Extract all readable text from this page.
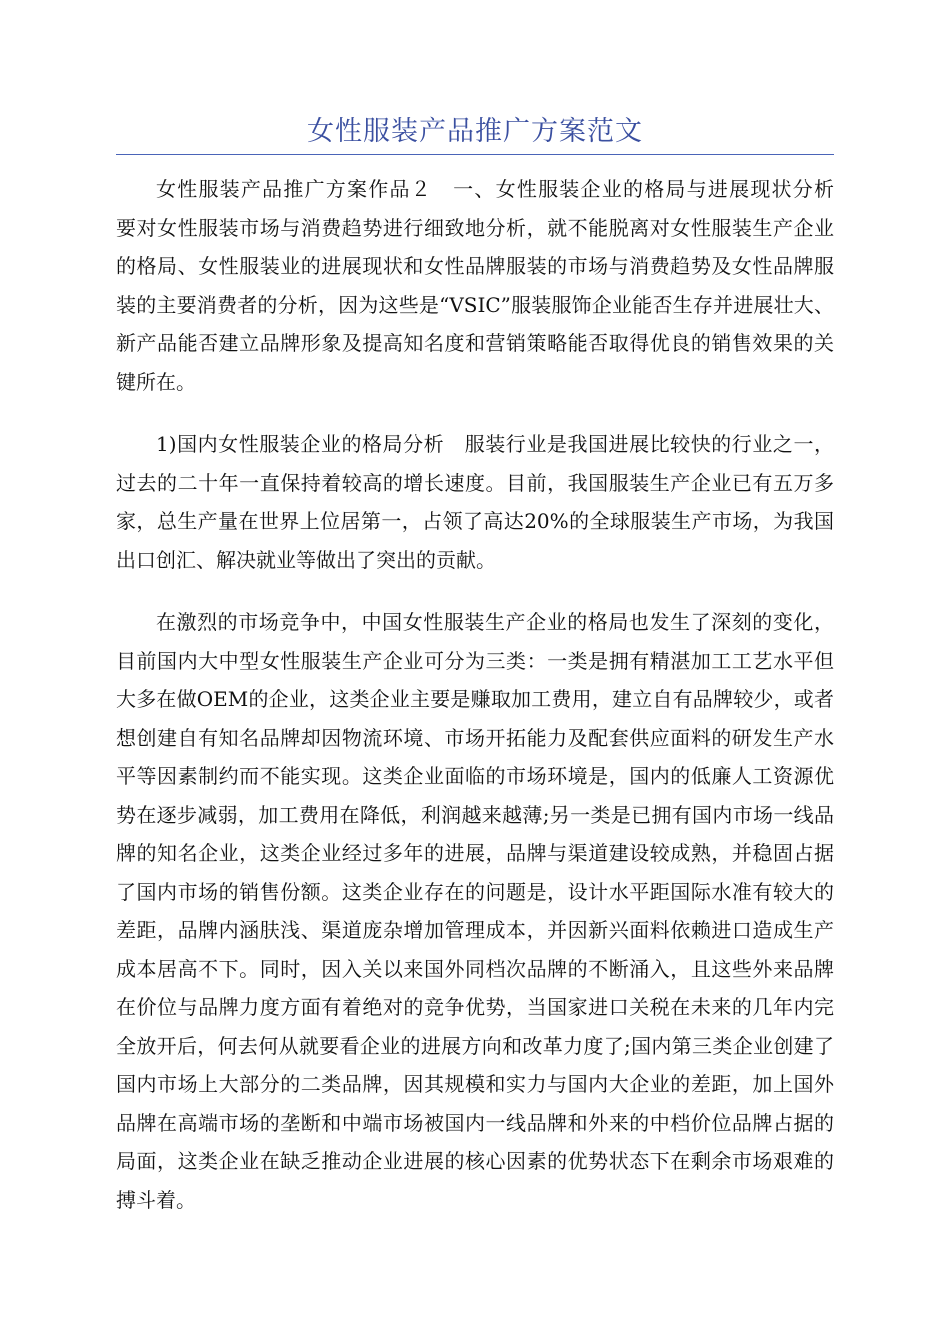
女性服装产品推广方案范文

女性服装产品推广方案作品２　一、女性服装企业的格局与进展现状分析　要对女性服装市场与消费趋势进行细致地分析，就不能脱离对女性服装生产企业的格局、女性服装业的进展现状和女性品牌服装的市场与消费趋势及女性品牌服装的主要消费者的分析，因为这些是“VSIC”服装服饰企业能否生存并进展壮大、新产品能否建立品牌形象及提高知名度和营销策略能否取得优良的销售效果的关键所在。

1)国内女性服装企业的格局分析　服装行业是我国进展比较快的行业之一，过去的二十年一直保持着较高的增长速度。目前，我国服装生产企业已有五万多家，总生产量在世界上位居第一，占领了高达20%的全球服装生产市场，为我国出口创汇、解决就业等做出了突出的贡献。

在激烈的市场竞争中，中国女性服装生产企业的格局也发生了深刻的变化，目前国内大中型女性服装生产企业可分为三类：一类是拥有精湛加工工艺水平但大多在做OEM的企业，这类企业主要是赚取加工费用，建立自有品牌较少，或者想创建自有知名品牌却因物流环境、市场开拓能力及配套供应面料的研发生产水平等因素制约而不能实现。这类企业面临的市场环境是，国内的低廉人工资源优势在逐步减弱，加工费用在降低，利润越来越薄;另一类是已拥有国内市场一线品牌的知名企业，这类企业经过多年的进展，品牌与渠道建设较成熟，并稳固占据了国内市场的销售份额。这类企业存在的问题是，设计水平距国际水准有较大的差距，品牌内涵肤浅、渠道庞杂增加管理成本，并因新兴面料依赖进口造成生产成本居高不下。同时，因入关以来国外同档次品牌的不断涌入，且这些外来品牌在价位与品牌力度方面有着绝对的竞争优势，当国家进口关税在未来的几年内完全放开后，何去何从就要看企业的进展方向和改革力度了;国内第三类企业创建了国内市场上大部分的二类品牌，因其规模和实力与国内大企业的差距，加上国外品牌在高端市场的垄断和中端市场被国内一线品牌和外来的中档价位品牌占据的局面，这类企业在缺乏推动企业进展的核心因素的优势状态下在剩余市场艰难的搏斗着。
